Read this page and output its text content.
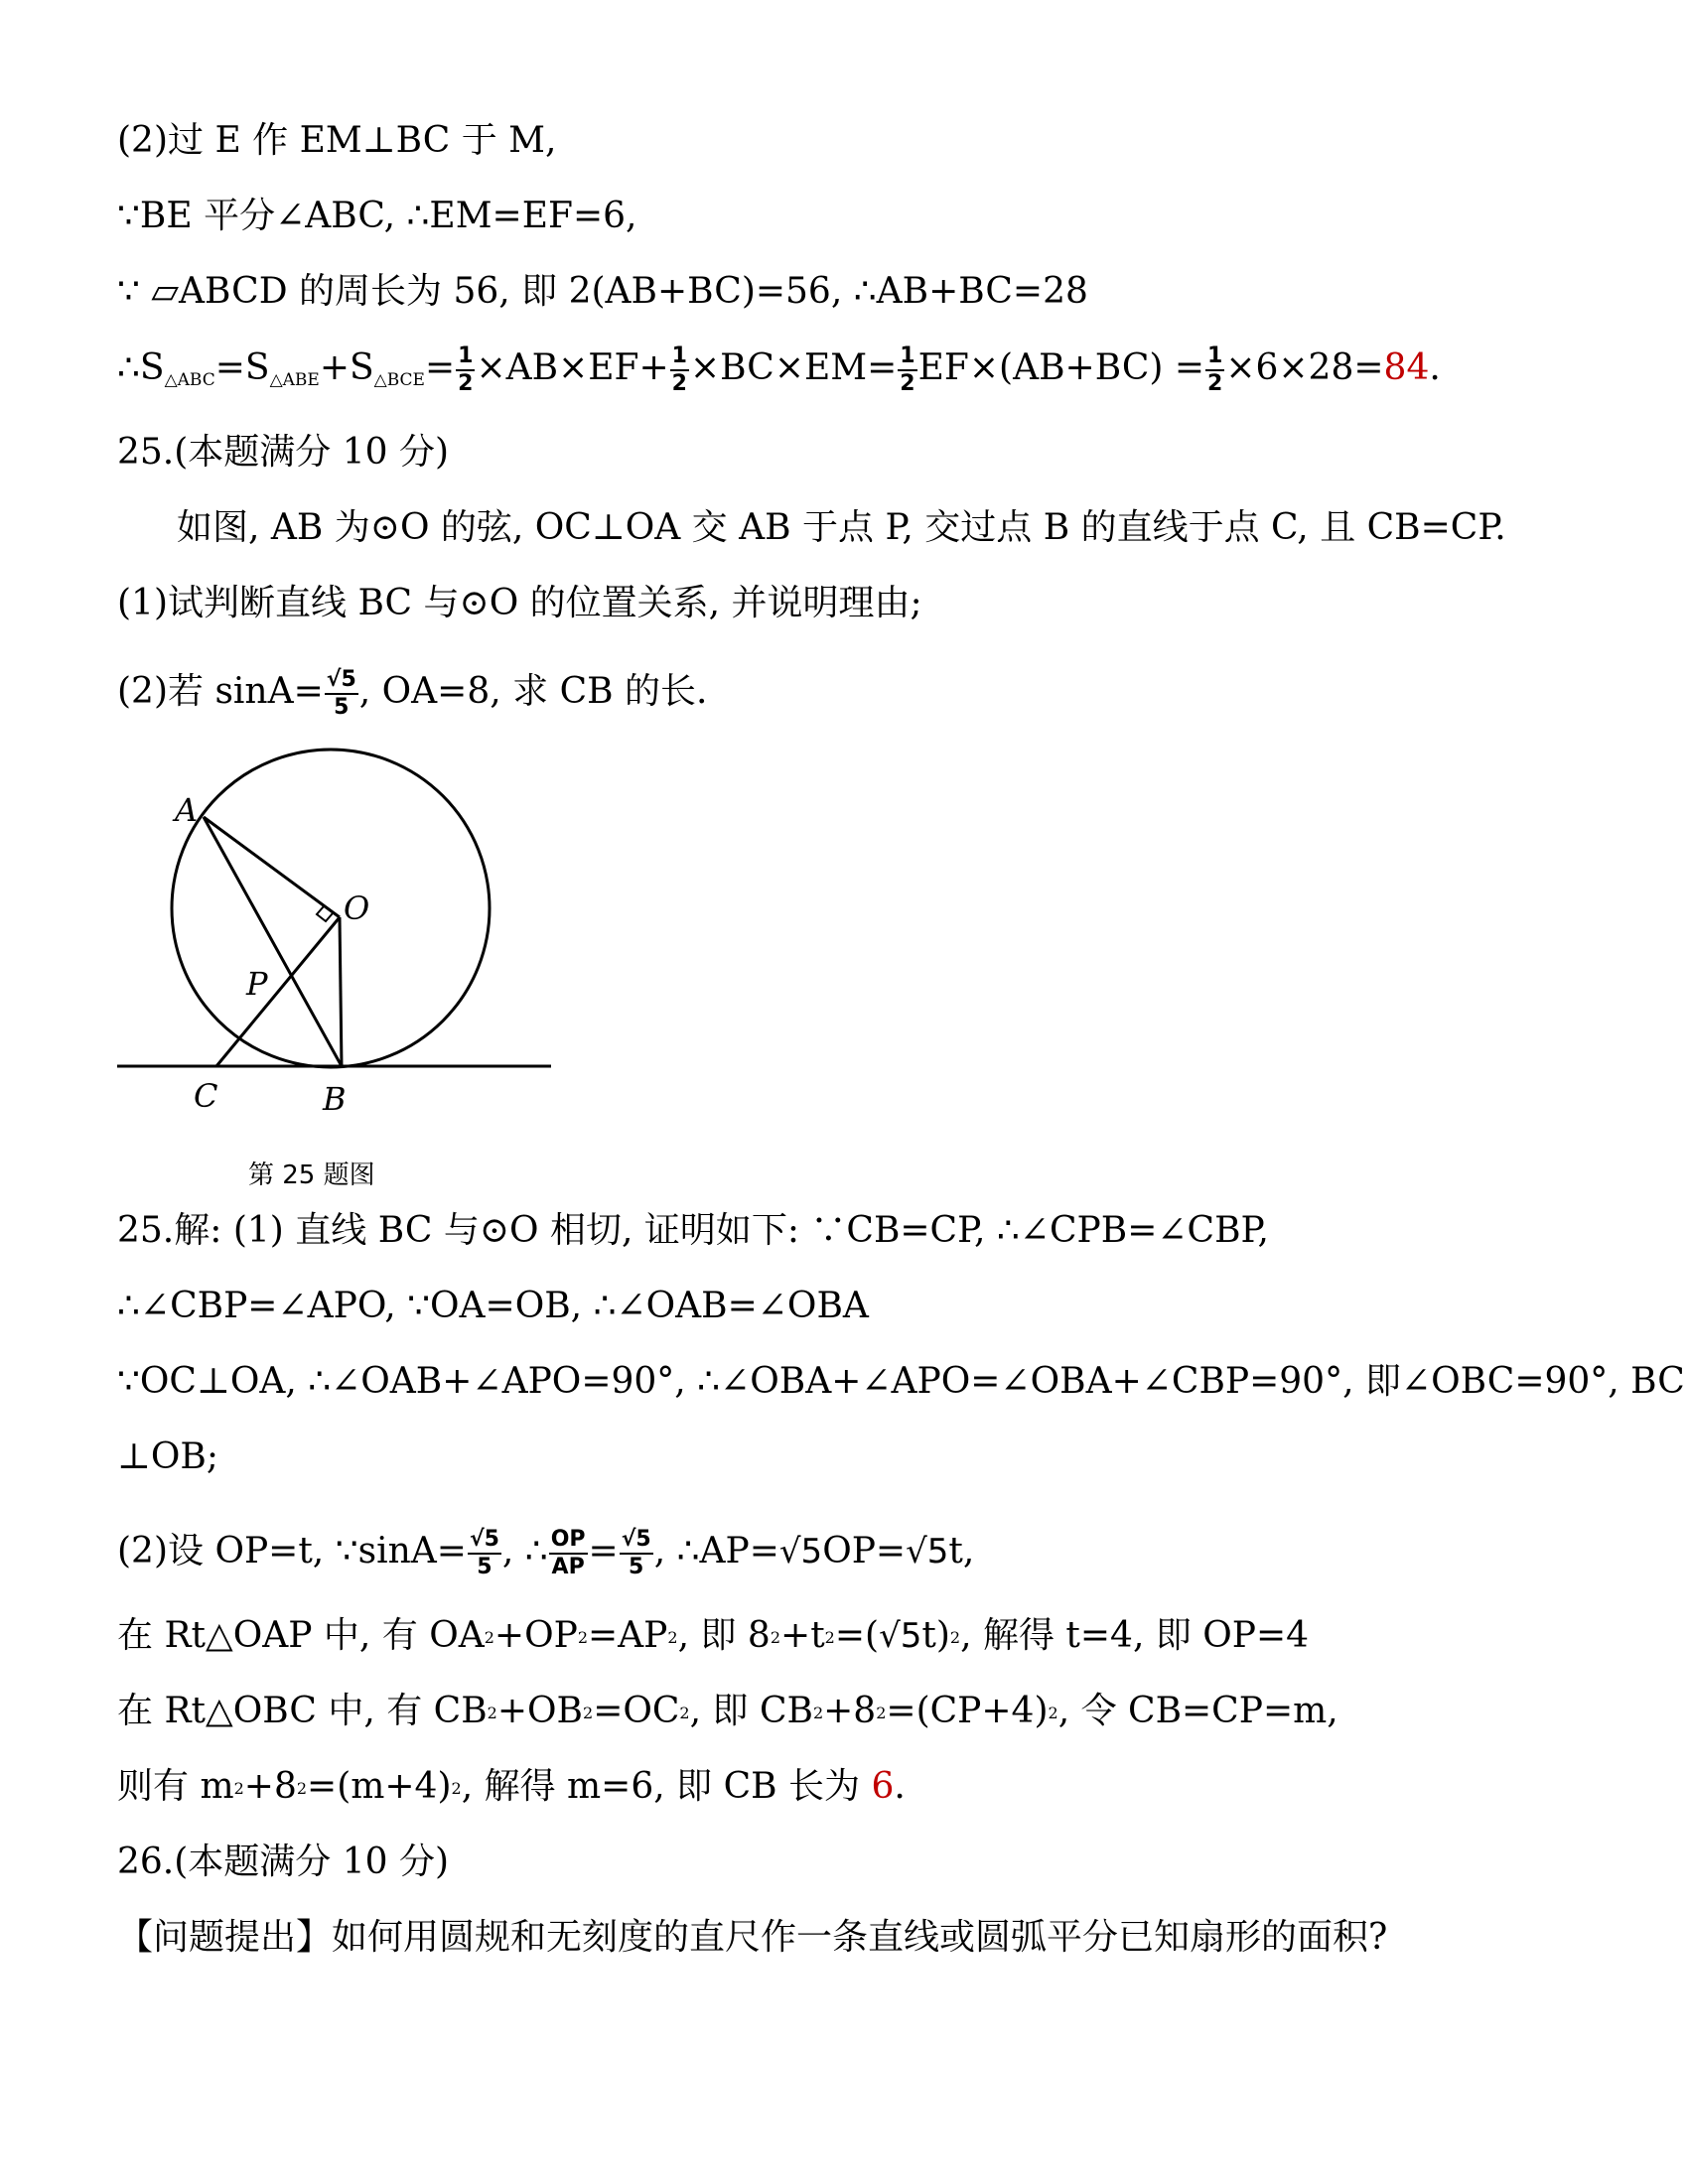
(2)过 E 作 EM⊥BC 于 M,
∵BE 平分∠ABC, ∴EM=EF=6,
∵ ▱ABCD 的周长为 56, 即 2(AB+BC)=56, ∴AB+BC=28
∴S△ABC=S△ABE+S△BCE= $\frac{1}{2} \times AB\times EF+ \frac{1}{2} \times BC\times EM= \frac{1}{2} EF\times(AB+BC) = \frac{1}{2} \times 6\times 28=84$.
25.(本题满分 10 分)
如图, AB 为⊙O 的弦, OC⊥OA 交 AB 于点 P, 交过点 B 的直线于点 C, 且 CB=CP.
(1)试判断直线 BC 与⊙O 的位置关系, 并说明理由;
(2)若 $\sin A= \frac{√5}{5}$ , OA=8, 求 CB 的长.
A
O
P
C	B
第 25 题图
25.解: (1) 直线 BC 与⊙O 相切, 证明如下: ∵CB=CP, ∴∠CPB=∠CBP,
∴∠CBP=∠APO, ∵OA=OB, ∴∠OAB=∠OBA
∵OC⊥OA, ∴∠OAB+∠APO=90°, ∴∠OBA+∠APO=∠OBA+∠CBP=90°, 即∠OBC=90°, BC
⊥OB;
(2)设 OP=t, ∵sinA= $\frac{√5}{5}$ , ∴ $\frac{OP}{AP} = \frac{√5}{5}$ , ∴AP=√5OP=√5t,
在 Rt△OAP 中, 有 $OA^2+OP^2=AP^2$, 即 $8^2+t^2=(√5t)^2$, 解得 t=4, 即 OP=4
在 Rt△OBC 中, 有 $CB^2+OB^2=OC^2$, 即 $CB^2+8^2=(CP+4)^2$, 令 CB=CP=m,
则有 $m^2+8^2=(m+4)^2$, 解得 m=6, 即 CB 长为 6.
26.(本题满分 10 分)
【问题提出】如何用圆规和无刻度的直尺作一条直线或圆弧平分已知扇形的面积?
